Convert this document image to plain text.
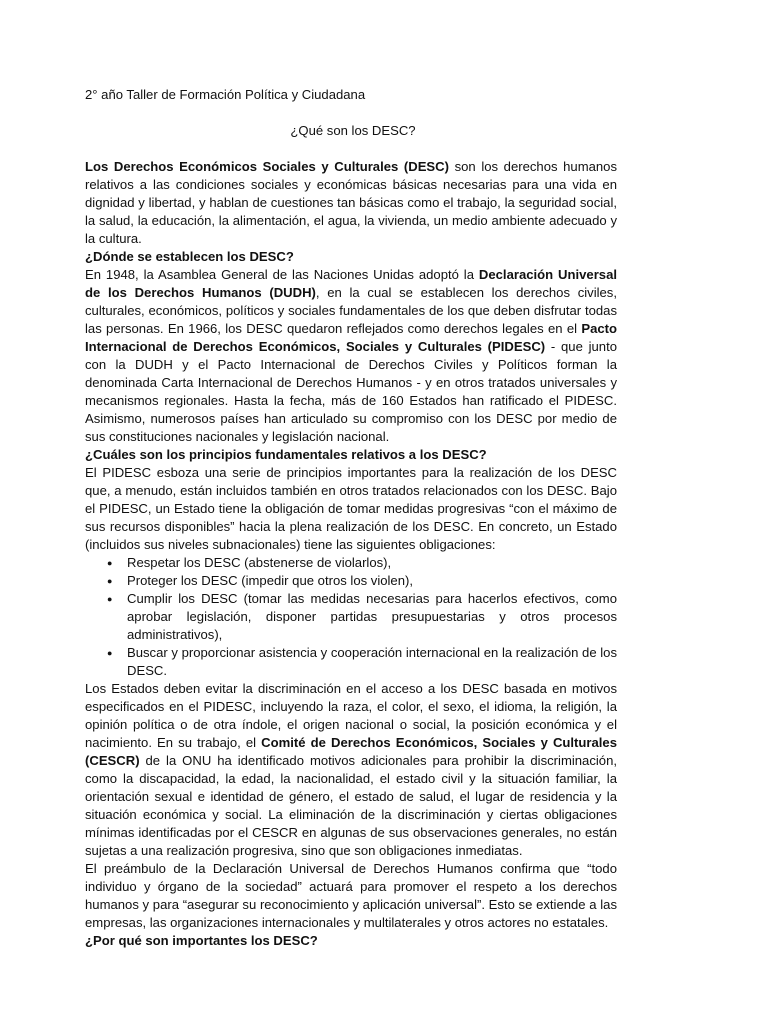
2° año Taller de Formación Política y Ciudadana

¿Qué son los DESC?

Los Derechos Económicos Sociales y Culturales (DESC) son los derechos humanos relativos a las condiciones sociales y económicas básicas necesarias para una vida en dignidad y libertad, y hablan de cuestiones tan básicas como el trabajo, la seguridad social, la salud, la educación, la alimentación, el agua, la vivienda, un medio ambiente adecuado y la cultura.

¿Dónde se establecen los DESC?

En 1948, la Asamblea General de las Naciones Unidas adoptó la Declaración Universal de los Derechos Humanos (DUDH), en la cual se establecen los derechos civiles, culturales, económicos, políticos y sociales fundamentales de los que deben disfrutar todas las personas. En 1966, los DESC quedaron reflejados como derechos legales en el Pacto Internacional de Derechos Económicos, Sociales y Culturales (PIDESC) - que junto con la DUDH y el Pacto Internacional de Derechos Civiles y Políticos forman la denominada Carta Internacional de Derechos Humanos - y en otros tratados universales y mecanismos regionales. Hasta la fecha, más de 160 Estados han ratificado el PIDESC. Asimismo, numerosos países han articulado su compromiso con los DESC por medio de sus constituciones nacionales y legislación nacional.

¿Cuáles son los principios fundamentales relativos a los DESC?

El PIDESC esboza una serie de principios importantes para la realización de los DESC que, a menudo, están incluidos también en otros tratados relacionados con los DESC. Bajo el PIDESC, un Estado tiene la obligación de tomar medidas progresivas “con el máximo de sus recursos disponibles” hacia la plena realización de los DESC. En concreto, un Estado (incluidos sus niveles subnacionales) tiene las siguientes obligaciones:

● Respetar los DESC (abstenerse de violarlos),
● Proteger los DESC (impedir que otros los violen),
● Cumplir los DESC (tomar las medidas necesarias para hacerlos efectivos, como aprobar legislación, disponer partidas presupuestarias y otros procesos administrativos),
● Buscar y proporcionar asistencia y cooperación internacional en la realización de los DESC.

Los Estados deben evitar la discriminación en el acceso a los DESC basada en motivos especificados en el PIDESC, incluyendo la raza, el color, el sexo, el idioma, la religión, la opinión política o de otra índole, el origen nacional o social, la posición económica y el nacimiento. En su trabajo, el Comité de Derechos Económicos, Sociales y Culturales (CESCR) de la ONU ha identificado motivos adicionales para prohibir la discriminación, como la discapacidad, la edad, la nacionalidad, el estado civil y la situación familiar, la orientación sexual e identidad de género, el estado de salud, el lugar de residencia y la situación económica y social. La eliminación de la discriminación y ciertas obligaciones mínimas identificadas por el CESCR en algunas de sus observaciones generales, no están sujetas a una realización progresiva, sino que son obligaciones inmediatas.

El preámbulo de la Declaración Universal de Derechos Humanos confirma que “todo individuo y órgano de la sociedad” actuará para promover el respeto a los derechos humanos y para “asegurar su reconocimiento y aplicación universal”. Esto se extiende a las empresas, las organizaciones internacionales y multilaterales y otros actores no estatales.

¿Por qué son importantes los DESC?
